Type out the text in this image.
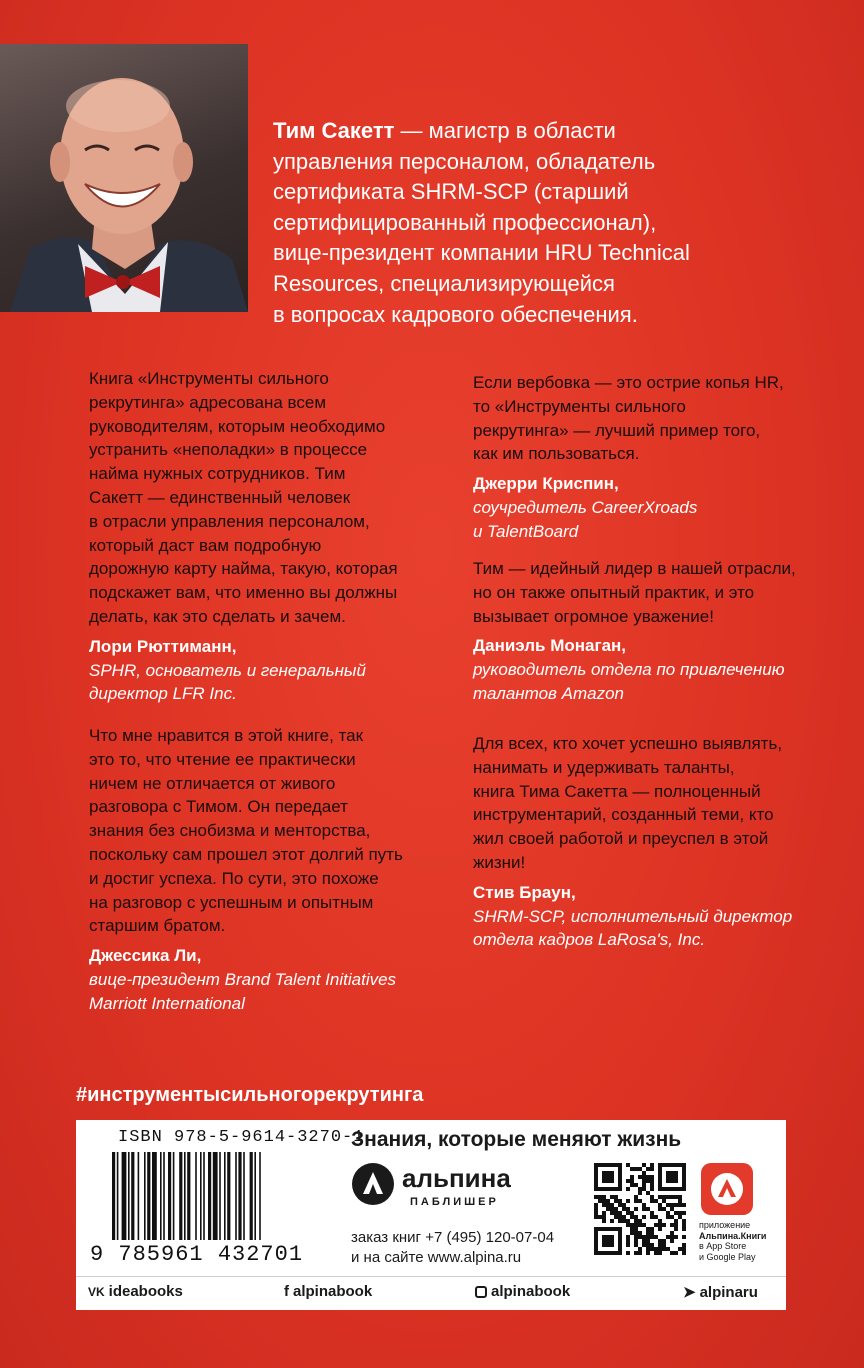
Тим Сакетт — магистр в области
управления персоналом, обладатель
сертификата SHRM-SCP (старший
сертифицированный профессионал),
вице-президент компании HRU Technical
Resources, специализирующейся
в вопросах кадрового обеспечения.
Книга «Инструменты сильного
рекрутинга» адресована всем
руководителям, которым необходимо
устранить «неполадки» в процессе
найма нужных сотрудников. Тим
Сакетт — единственный человек
в отрасли управления персоналом,
который даст вам подробную
дорожную карту найма, такую, которая
подскажет вам, что именно вы должны
делать, как это сделать и зачем.

Лори Рюттиманн,

SPHR, основатель и генеральный
директор LFR Inc.

Что мне нравится в этой книге, так
это то, что чтение ее практически
ничем не отличается от живого
разговора с Тимом. Он передает
знания без снобизма и менторства,
поскольку сам прошел этот долгий путь
и достиг успеха. По сути, это похоже
на разговор с успешным и опытным
старшим братом.

Джессика Ли,

вице-президент Brand Talent Initiatives
Marriott International

Если вербовка — это острие копья HR,
то «Инструменты сильного
рекрутинга» — лучший пример того,
как им пользоваться.

Джерри Криспин,

соучредитель CareerXroads
и TalentBoard

Тим — идейный лидер в нашей отрасли,
но он также опытный практик, и это
вызывает огромное уважение!

Даниэль Монаган,

руководитель отдела по привлечению
талантов Amazon

Для всех, кто хочет успешно выявлять,
нанимать и удерживать таланты,
книга Тима Сакетта — полноценный
инструментарий, созданный теми, кто
жил своей работой и преуспел в этой
жизни!

Стив Браун,

SHRM-SCP, исполнительный директор
отдела кадров LaRosa's, Inc.

#инструментысильногорекрутинга
ISBN 978-5-9614-3270-1
9 785961 432701
Знания, которые меняют жизнь
альпина
ПАБЛИШЕР
заказ книг +7 (495) 120-07-04
и на сайте www.alpina.ru
приложение
Альпина.Книги
в App Store
и Google Play
VK ideabooks	f alpinabook	alpinabook	➤ alpinaru
